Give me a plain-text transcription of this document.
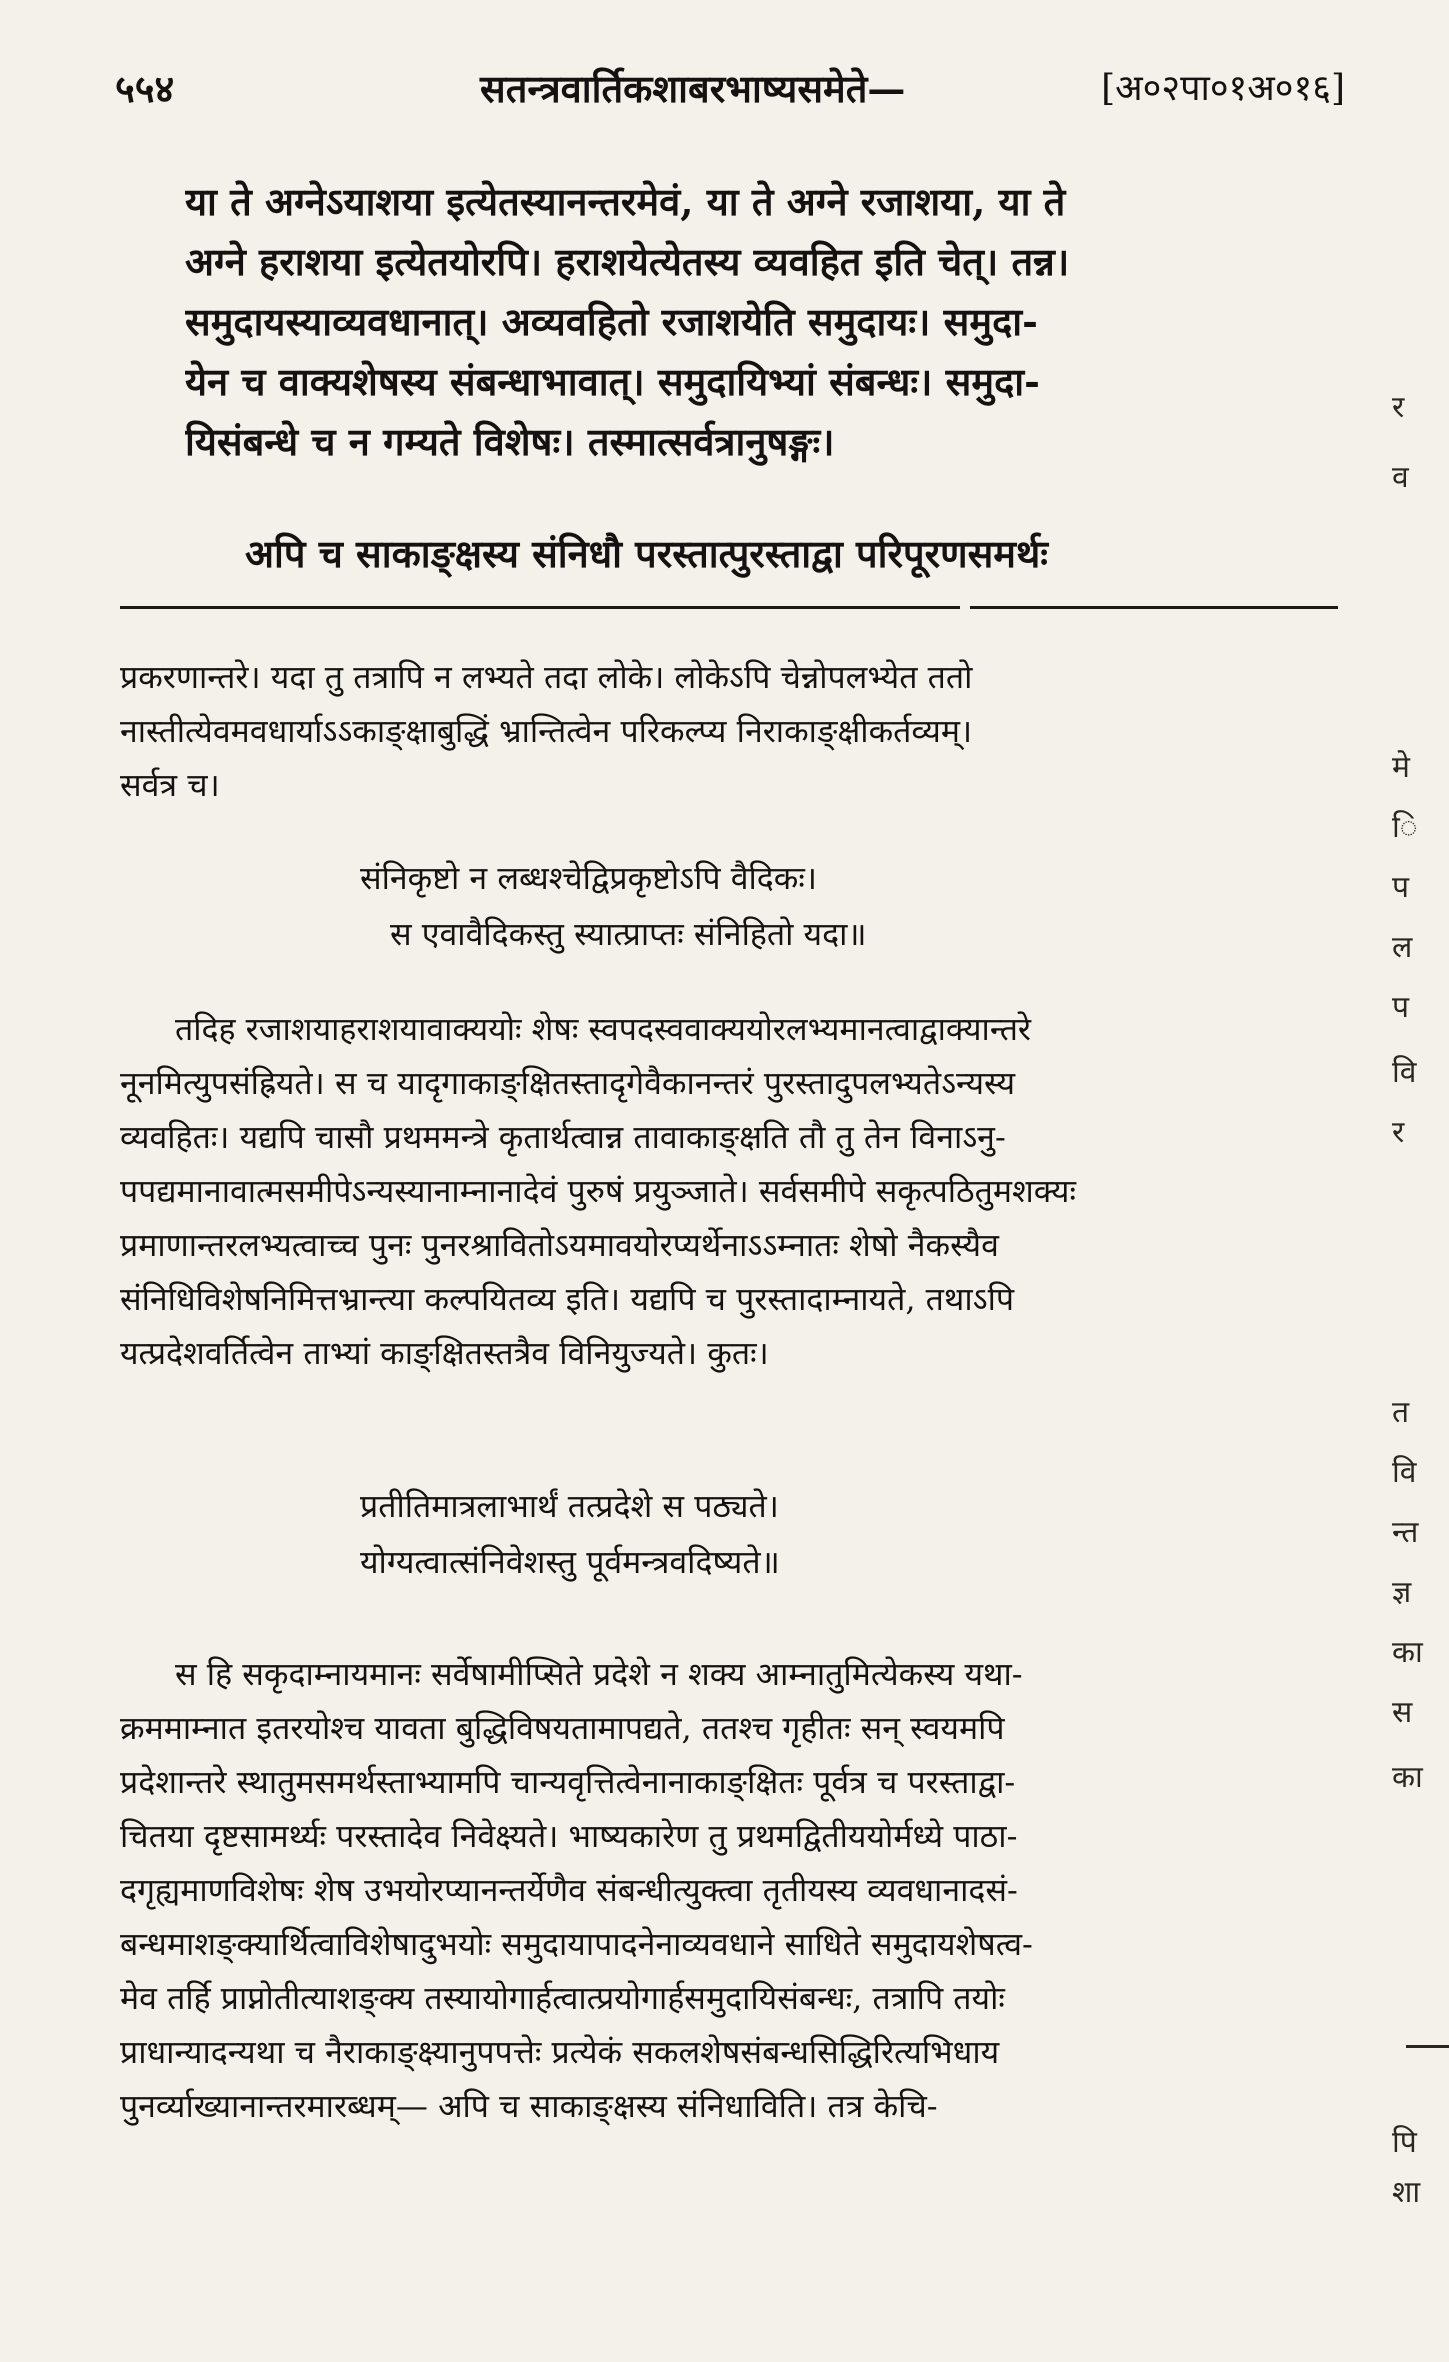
५५४	सतन्त्रवार्तिकशाबरभाष्यसमेते—	[अ०२पा०१अ०१६]
या ते अग्नेऽयाशया इत्येतस्यानन्तरमेवं, या ते अग्ने रजाशया, या ते
अग्ने हराशया इत्येतयोरपि। हराशयेत्येतस्य व्यवहित इति चेत्। तन्न।
समुदायस्याव्यवधानात्। अव्यवहितो रजाशयेति समुदायः। समुदा-
येन च वाक्यशेषस्य संबन्धाभावात्। समुदायिभ्यां संबन्धः। समुदा-
यिसंबन्धे च न गम्यते विशेषः। तस्मात्सर्वत्रानुषङ्गः।
अपि च साकाङ्क्षस्य संनिधौ परस्तात्पुरस्ताद्वा परिपूरणसमर्थः
प्रकरणान्तरे। यदा तु तत्रापि न लभ्यते तदा लोके। लोकेऽपि चेन्नोपलभ्येत ततो
नास्तीत्येवमवधार्याऽऽकाङ्क्षाबुद्धिं भ्रान्तित्वेन परिकल्प्य निराकाङ्क्षीकर्तव्यम्।
सर्वत्र च।
संनिकृष्टो न लब्धश्चेद्विप्रकृष्टोऽपि वैदिकः।
स एवावैदिकस्तु स्यात्प्राप्तः संनिहितो यदा॥
तदिह रजाशयाहराशयावाक्ययोः शेषः स्वपदस्ववाक्ययोरलभ्यमानत्वाद्वाक्यान्तरे
नूनमित्युपसंह्रियते। स च यादृगाकाङ्क्षितस्तादृगेवैकानन्तरं पुरस्तादुपलभ्यतेऽन्यस्य
व्यवहितः। यद्यपि चासौ प्रथममन्त्रे कृतार्थत्वान्न तावाकाङ्क्षति तौ तु तेन विनाऽनु-
पपद्यमानावात्मसमीपेऽन्यस्यानाम्नानादेवं पुरुषं प्रयुञ्जाते। सर्वसमीपे सकृत्पठितुमशक्यः
प्रमाणान्तरलभ्यत्वाच्च पुनः पुनरश्रावितोऽयमावयोरप्यर्थेनाऽऽम्नातः शेषो नैकस्यैव
संनिधिविशेषनिमित्तभ्रान्त्या कल्पयितव्य इति। यद्यपि च पुरस्तादाम्नायते, तथाऽपि
यत्प्रदेशवर्तित्वेन ताभ्यां काङ्क्षितस्तत्रैव विनियुज्यते। कुतः।
प्रतीतिमात्रलाभार्थं तत्प्रदेशे स पठ्यते।
योग्यत्वात्संनिवेशस्तु पूर्वमन्त्रवदिष्यते॥
स हि सकृदाम्नायमानः सर्वेषामीप्सिते प्रदेशे न शक्य आम्नातुमित्येकस्य यथा-
क्रममाम्नात इतरयोश्च यावता बुद्धिविषयतामापद्यते, ततश्च गृहीतः सन् स्वयमपि
प्रदेशान्तरे स्थातुमसमर्थस्ताभ्यामपि चान्यवृत्तित्वेनानाकाङ्क्षितः पूर्वत्र च परस्ताद्वा-
चितया दृष्टसामर्थ्यः परस्तादेव निवेक्ष्यते। भाष्यकारेण तु प्रथमद्वितीययोर्मध्ये पाठा-
दगृह्यमाणविशेषः शेष उभयोरप्यानन्तर्येणैव संबन्धीत्युक्त्वा तृतीयस्य व्यवधानादसं-
बन्धमाशङ्क्यार्थित्वाविशेषादुभयोः समुदायापादनेनाव्यवधाने साधिते समुदायशेषत्व-
मेव तर्हि प्राप्नोतीत्याशङ्क्य तस्यायोगार्हत्वात्प्रयोगार्हसमुदायिसंबन्धः, तत्रापि तयोः
प्राधान्यादन्यथा च नैराकाङ्क्ष्यानुपपत्तेः प्रत्येकं सकलशेषसंबन्धसिद्धिरित्यभिधाय
पुनर्व्याख्यानान्तरमारब्धम्— अपि च साकाङ्क्षस्य संनिधाविति। तत्र केचि-
र
व
मे
ि
प
ल
प
वि
र
त
वि
न्त
ज्ञ
का
स
का
पि
शा
